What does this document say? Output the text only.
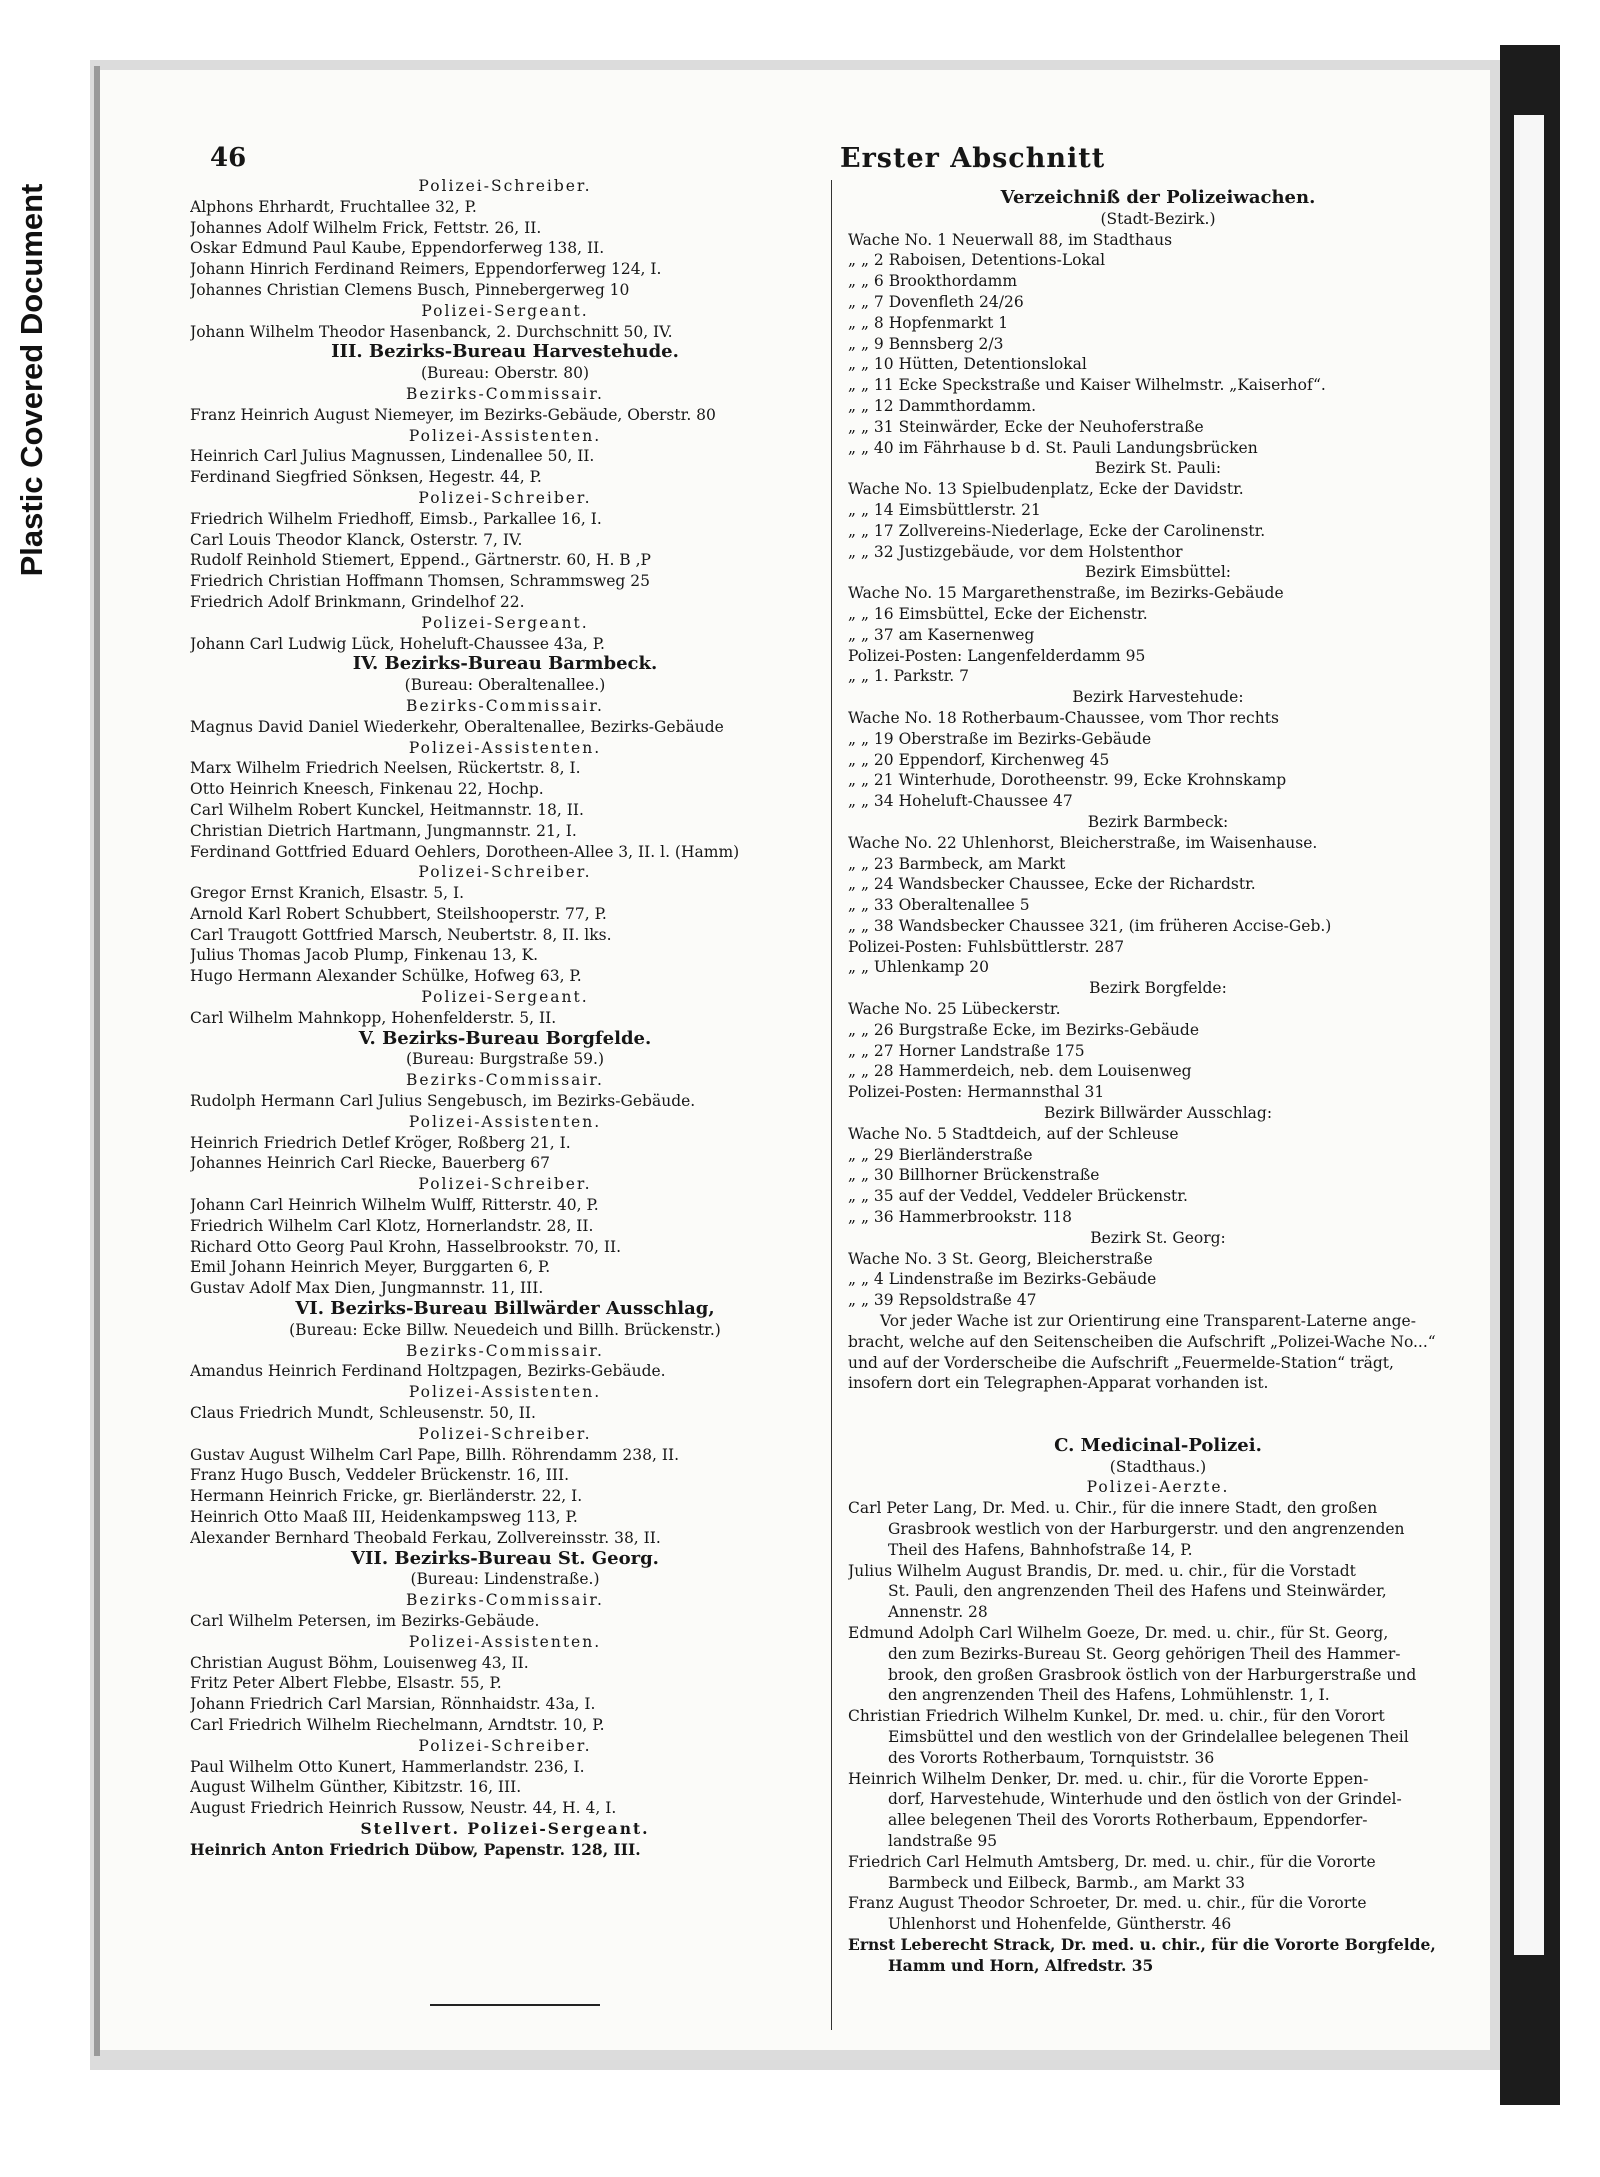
Plastic Covered Document
46	Erster Abschnitt
Polizei-Schreiber.
Alphons Ehrhardt, Fruchtallee 32, P.
Johannes Adolf Wilhelm Frick, Fettstr. 26, II.
Oskar Edmund Paul Kaube, Eppendorferweg 138, II.
Johann Hinrich Ferdinand Reimers, Eppendorferweg 124, I.
Johannes Christian Clemens Busch, Pinnebergerweg 10
Polizei-Sergeant.
Johann Wilhelm Theodor Hasenbanck, 2. Durchschnitt 50, IV.
III. Bezirks-Bureau Harvestehude.
(Bureau: Oberstr. 80)
Bezirks-Commissair.
Franz Heinrich August Niemeyer, im Bezirks-Gebäude, Oberstr. 80
Polizei-Assistenten.
Heinrich Carl Julius Magnussen, Lindenallee 50, II.
Ferdinand Siegfried Sönksen, Hegestr. 44, P.
Polizei-Schreiber.
Friedrich Wilhelm Friedhoff, Eimsb., Parkallee 16, I.
Carl Louis Theodor Klanck, Osterstr. 7, IV.
Rudolf Reinhold Stiemert, Eppend., Gärtnerstr. 60, H. B ,P
Friedrich Christian Hoffmann Thomsen, Schrammsweg 25
Friedrich Adolf Brinkmann, Grindelhof 22.
Polizei-Sergeant.
Johann Carl Ludwig Lück, Hoheluft-Chaussee 43a, P.
IV. Bezirks-Bureau Barmbeck.
(Bureau: Oberaltenallee.)
Bezirks-Commissair.
Magnus David Daniel Wiederkehr, Oberaltenallee, Bezirks-Gebäude
Polizei-Assistenten.
Marx Wilhelm Friedrich Neelsen, Rückertstr. 8, I.
Otto Heinrich Kneesch, Finkenau 22, Hochp.
Carl Wilhelm Robert Kunckel, Heitmannstr. 18, II.
Christian Dietrich Hartmann, Jungmannstr. 21, I.
Ferdinand Gottfried Eduard Oehlers, Dorotheen-Allee 3, II. l. (Hamm)
Polizei-Schreiber.
Gregor Ernst Kranich, Elsastr. 5, I.
Arnold Karl Robert Schubbert, Steilshooperstr. 77, P.
Carl Traugott Gottfried Marsch, Neubertstr. 8, II. lks.
Julius Thomas Jacob Plump, Finkenau 13, K.
Hugo Hermann Alexander Schülke, Hofweg 63, P.
Polizei-Sergeant.
Carl Wilhelm Mahnkopp, Hohenfelderstr. 5, II.
V. Bezirks-Bureau Borgfelde.
(Bureau: Burgstraße 59.)
Bezirks-Commissair.
Rudolph Hermann Carl Julius Sengebusch, im Bezirks-Gebäude.
Polizei-Assistenten.
Heinrich Friedrich Detlef Kröger, Roßberg 21, I.
Johannes Heinrich Carl Riecke, Bauerberg 67
Polizei-Schreiber.
Johann Carl Heinrich Wilhelm Wulff, Ritterstr. 40, P.
Friedrich Wilhelm Carl Klotz, Hornerlandstr. 28, II.
Richard Otto Georg Paul Krohn, Hasselbrookstr. 70, II.
Emil Johann Heinrich Meyer, Burggarten 6, P.
Gustav Adolf Max Dien, Jungmannstr. 11, III.
VI. Bezirks-Bureau Billwärder Ausschlag,
(Bureau: Ecke Billw. Neuedeich und Billh. Brückenstr.)
Bezirks-Commissair.
Amandus Heinrich Ferdinand Holtzpagen, Bezirks-Gebäude.
Polizei-Assistenten.
Claus Friedrich Mundt, Schleusenstr. 50, II.
Polizei-Schreiber.
Gustav August Wilhelm Carl Pape, Billh. Röhrendamm 238, II.
Franz Hugo Busch, Veddeler Brückenstr. 16, III.
Hermann Heinrich Fricke, gr. Bierländerstr. 22, I.
Heinrich Otto Maaß III, Heidenkampsweg 113, P.
Alexander Bernhard Theobald Ferkau, Zollvereinsstr. 38, II.
VII. Bezirks-Bureau St. Georg.
(Bureau: Lindenstraße.)
Bezirks-Commissair.
Carl Wilhelm Petersen, im Bezirks-Gebäude.
Polizei-Assistenten.
Christian August Böhm, Louisenweg 43, II.
Fritz Peter Albert Flebbe, Elsastr. 55, P.
Johann Friedrich Carl Marsian, Rönnhaidstr. 43a, I.
Carl Friedrich Wilhelm Riechelmann, Arndtstr. 10, P.
Polizei-Schreiber.
Paul Wilhelm Otto Kunert, Hammerlandstr. 236, I.
August Wilhelm Günther, Kibitzstr. 16, III.
August Friedrich Heinrich Russow, Neustr. 44, H. 4, I.
Stellvert. Polizei-Sergeant.
Heinrich Anton Friedrich Dübow, Papenstr. 128, III.
Verzeichniß der Polizeiwachen.
(Stadt-Bezirk.)
Wache No. 1 Neuerwall 88, im Stadthaus
„ „ 2 Raboisen, Detentions-Lokal
„ „ 6 Brookthordamm
„ „ 7 Dovenfleth 24/26
„ „ 8 Hopfenmarkt 1
„ „ 9 Bennsberg 2/3
„ „ 10 Hütten, Detentionslokal
„ „ 11 Ecke Speckstraße und Kaiser Wilhelmstr. „Kaiserhof“.
„ „ 12 Dammthordamm.
„ „ 31 Steinwärder, Ecke der Neuhoferstraße
„ „ 40 im Fährhause b d. St. Pauli Landungsbrücken
Bezirk St. Pauli:
Wache No. 13 Spielbudenplatz, Ecke der Davidstr.
„ „ 14 Eimsbüttlerstr. 21
„ „ 17 Zollvereins-Niederlage, Ecke der Carolinenstr.
„ „ 32 Justizgebäude, vor dem Holstenthor
Bezirk Eimsbüttel:
Wache No. 15 Margarethenstraße, im Bezirks-Gebäude
„ „ 16 Eimsbüttel, Ecke der Eichenstr.
„ „ 37 am Kasernenweg
Polizei-Posten: Langenfelderdamm 95
„ „ 1. Parkstr. 7
Bezirk Harvestehude:
Wache No. 18 Rotherbaum-Chaussee, vom Thor rechts
„ „ 19 Oberstraße im Bezirks-Gebäude
„ „ 20 Eppendorf, Kirchenweg 45
„ „ 21 Winterhude, Dorotheenstr. 99, Ecke Krohnskamp
„ „ 34 Hoheluft-Chaussee 47
Bezirk Barmbeck:
Wache No. 22 Uhlenhorst, Bleicherstraße, im Waisenhause.
„ „ 23 Barmbeck, am Markt
„ „ 24 Wandsbecker Chaussee, Ecke der Richardstr.
„ „ 33 Oberaltenallee 5
„ „ 38 Wandsbecker Chaussee 321, (im früheren Accise-Geb.)
Polizei-Posten: Fuhlsbüttlerstr. 287
„ „ Uhlenkamp 20
Bezirk Borgfelde:
Wache No. 25 Lübeckerstr.
„ „ 26 Burgstraße Ecke, im Bezirks-Gebäude
„ „ 27 Horner Landstraße 175
„ „ 28 Hammerdeich, neb. dem Louisenweg
Polizei-Posten: Hermannsthal 31
Bezirk Billwärder Ausschlag:
Wache No. 5 Stadtdeich, auf der Schleuse
„ „ 29 Bierländerstraße
„ „ 30 Billhorner Brückenstraße
„ „ 35 auf der Veddel, Veddeler Brückenstr.
„ „ 36 Hammerbrookstr. 118
Bezirk St. Georg:
Wache No. 3 St. Georg, Bleicherstraße
„ „ 4 Lindenstraße im Bezirks-Gebäude
„ „ 39 Repsoldstraße 47
Vor jeder Wache ist zur Orientirung eine Transparent-Laterne ange-
bracht, welche auf den Seitenscheiben die Aufschrift „Polizei-Wache No...“
und auf der Vorderscheibe die Aufschrift „Feuermelde-Station“ trägt,
insofern dort ein Telegraphen-Apparat vorhanden ist.
C. Medicinal-Polizei.
(Stadthaus.)
Polizei-Aerzte.
Carl Peter Lang, Dr. Med. u. Chir., für die innere Stadt, den großen
Grasbrook westlich von der Harburgerstr. und den angrenzenden
Theil des Hafens, Bahnhofstraße 14, P.
Julius Wilhelm August Brandis, Dr. med. u. chir., für die Vorstadt
St. Pauli, den angrenzenden Theil des Hafens und Steinwärder,
Annenstr. 28
Edmund Adolph Carl Wilhelm Goeze, Dr. med. u. chir., für St. Georg,
den zum Bezirks-Bureau St. Georg gehörigen Theil des Hammer-
brook, den großen Grasbrook östlich von der Harburgerstraße und
den angrenzenden Theil des Hafens, Lohmühlenstr. 1, I.
Christian Friedrich Wilhelm Kunkel, Dr. med. u. chir., für den Vorort
Eimsbüttel und den westlich von der Grindelallee belegenen Theil
des Vororts Rotherbaum, Tornquiststr. 36
Heinrich Wilhelm Denker, Dr. med. u. chir., für die Vororte Eppen-
dorf, Harvestehude, Winterhude und den östlich von der Grindel-
allee belegenen Theil des Vororts Rotherbaum, Eppendorfer-
landstraße 95
Friedrich Carl Helmuth Amtsberg, Dr. med. u. chir., für die Vororte
Barmbeck und Eilbeck, Barmb., am Markt 33
Franz August Theodor Schroeter, Dr. med. u. chir., für die Vororte
Uhlenhorst und Hohenfelde, Güntherstr. 46
Ernst Leberecht Strack, Dr. med. u. chir., für die Vororte Borgfelde,
Hamm und Horn, Alfredstr. 35
